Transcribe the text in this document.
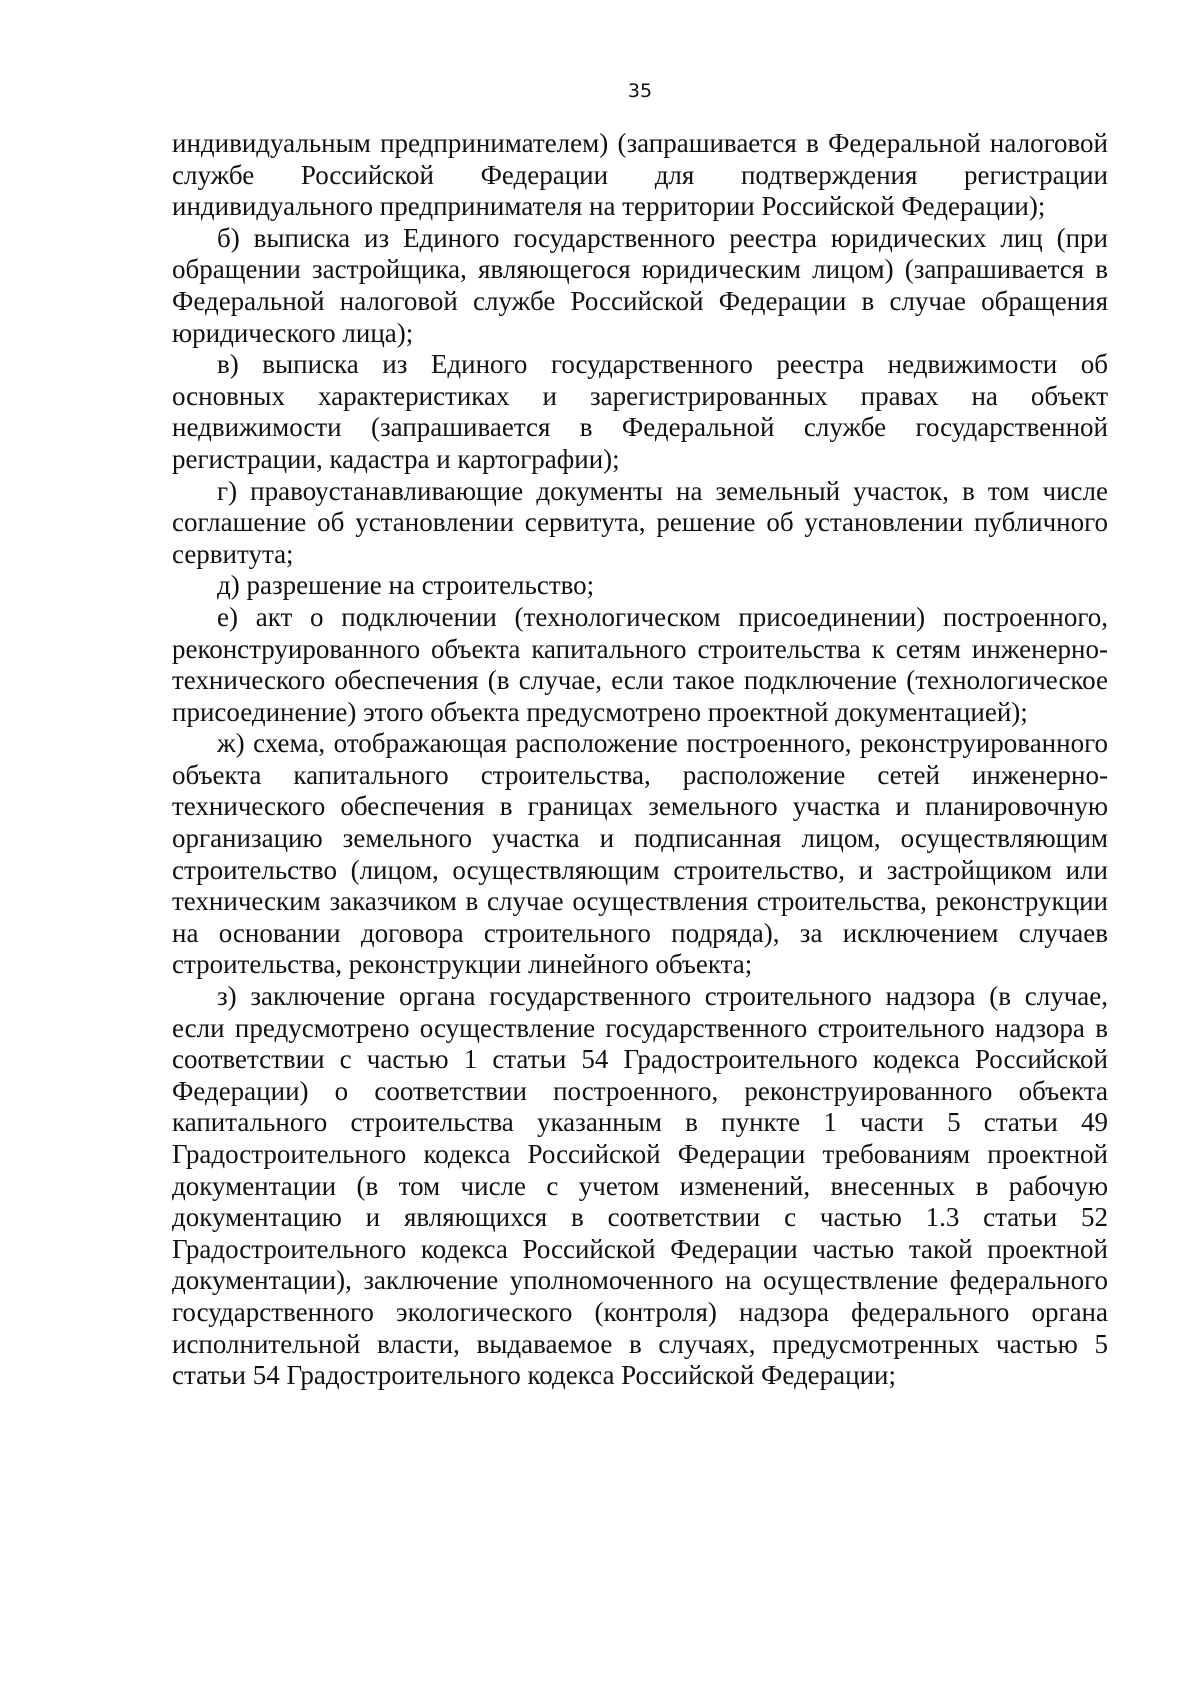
35

индивидуальным предпринимателем) (запрашивается в Федеральной налоговой службе Российской Федерации для подтверждения регистрации индивидуального предпринимателя на территории Российской Федерации);

б) выписка из Единого государственного реестра юридических лиц (при обращении застройщика, являющегося юридическим лицом) (запрашивается в Федеральной налоговой службе Российской Федерации в случае обращения юридического лица);

в) выписка из Единого государственного реестра недвижимости об основных характеристиках и зарегистрированных правах на объект недвижимости (запрашивается в Федеральной службе государственной регистрации, кадастра и картографии);

г) правоустанавливающие документы на земельный участок, в том числе соглашение об установлении сервитута, решение об установлении публичного сервитута;

д) разрешение на строительство;

е) акт о подключении (технологическом присоединении) построенного, реконструированного объекта капитального строительства к сетям инженерно-технического обеспечения (в случае, если такое подключение (технологическое присоединение) этого объекта предусмотрено проектной документацией);

ж) схема, отображающая расположение построенного, реконструированного объекта капитального строительства, расположение сетей инженерно-технического обеспечения в границах земельного участка и планировочную организацию земельного участка и подписанная лицом, осуществляющим строительство (лицом, осуществляющим строительство, и застройщиком или техническим заказчиком в случае осуществления строительства, реконструкции на основании договора строительного подряда), за исключением случаев строительства, реконструкции линейного объекта;

з) заключение органа государственного строительного надзора (в случае, если предусмотрено осуществление государственного строительного надзора в соответствии с частью 1 статьи 54 Градостроительного кодекса Российской Федерации) о соответствии построенного, реконструированного объекта капитального строительства указанным в пункте 1 части 5 статьи 49 Градостроительного кодекса Российской Федерации требованиям проектной документации (в том числе с учетом изменений, внесенных в рабочую документацию и являющихся в соответствии с частью 1.3 статьи 52 Градостроительного кодекса Российской Федерации частью такой проектной документации), заключение уполномоченного на осуществление федерального государственного экологического (контроля) надзора федерального органа исполнительной власти, выдаваемое в случаях, предусмотренных частью 5 статьи 54 Градостроительного кодекса Российской Федерации;
